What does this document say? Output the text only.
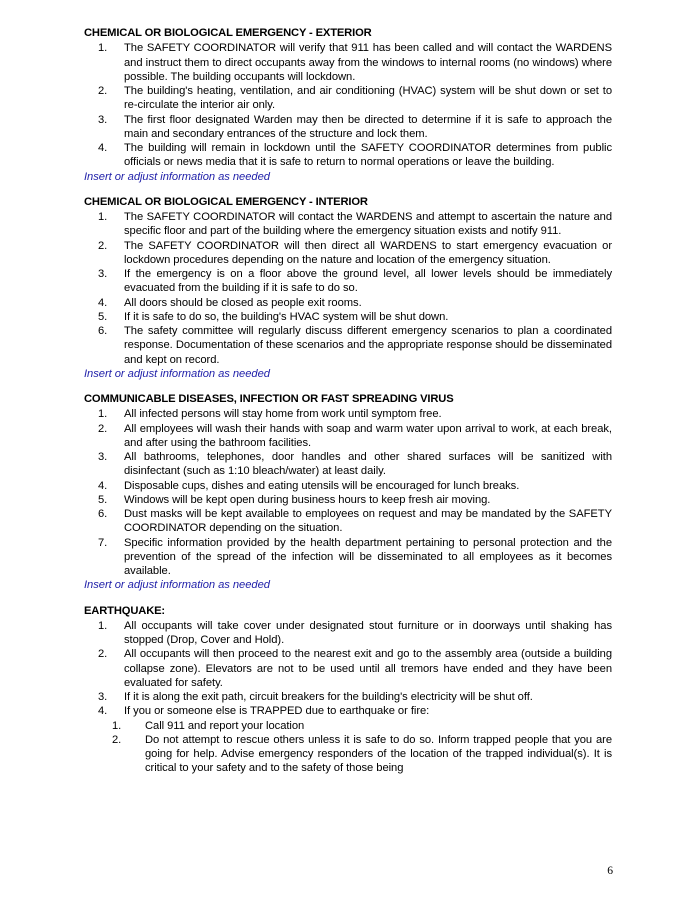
CHEMICAL OR BIOLOGICAL EMERGENCY - EXTERIOR
1.	The SAFETY COORDINATOR will verify that 911 has been called and will contact the WARDENS and instruct them to direct occupants away from the windows to internal rooms (no windows) where possible. The building occupants will lockdown.
2.	The building's heating, ventilation, and air conditioning (HVAC) system will be shut down or set to re-circulate the interior air only.
3.	The first floor designated Warden may then be directed to determine if it is safe to approach the main and secondary entrances of the structure and lock them.
4.	The building will remain in lockdown until the SAFETY COORDINATOR determines from public officials or news media that it is safe to return to normal operations or leave the building.

Insert or adjust information as needed

CHEMICAL OR BIOLOGICAL EMERGENCY - INTERIOR
1.	The SAFETY COORDINATOR will contact the WARDENS and attempt to ascertain the nature and specific floor and part of the building where the emergency situation exists and notify 911.
2.	The SAFETY COORDINATOR will then direct all WARDENS to start emergency evacuation or lockdown procedures depending on the nature and location of the emergency situation.
3.	If the emergency is on a floor above the ground level, all lower levels should be immediately evacuated from the building if it is safe to do so.
4.	All doors should be closed as people exit rooms.
5.	If it is safe to do so, the building's HVAC system will be shut down.
6.	The safety committee will regularly discuss different emergency scenarios to plan a coordinated response. Documentation of these scenarios and the appropriate response should be disseminated and kept on record.

Insert or adjust information as needed

COMMUNICABLE DISEASES, INFECTION OR FAST SPREADING VIRUS
1.	All infected persons will stay home from work until symptom free.
2.	All employees will wash their hands with soap and warm water upon arrival to work, at each break, and after using the bathroom facilities.
3.	All bathrooms, telephones, door handles and other shared surfaces will be sanitized with disinfectant (such as 1:10 bleach/water) at least daily.
4.	Disposable cups, dishes and eating utensils will be encouraged for lunch breaks.
5.	Windows will be kept open during business hours to keep fresh air moving.
6.	Dust masks will be kept available to employees on request and may be mandated by the SAFETY COORDINATOR depending on the situation.
7.	Specific information provided by the health department pertaining to personal protection and the prevention of the spread of the infection will be disseminated to all employees as it becomes available.

Insert or adjust information as needed

EARTHQUAKE:
1.	All occupants will take cover under designated stout furniture or in doorways until shaking has stopped (Drop, Cover and Hold).
2.	All occupants will then proceed to the nearest exit and go to the assembly area (outside a building collapse zone). Elevators are not to be used until all tremors have ended and they have been evaluated for safety.
3.	If it is along the exit path, circuit breakers for the building's electricity will be shut off.
4.	If you or someone else is TRAPPED due to earthquake or fire:
1. Call 911 and report your location
2. Do not attempt to rescue others unless it is safe to do so. Inform trapped people that you are going for help. Advise emergency responders of the location of the trapped individual(s). It is critical to your safety and to the safety of those being
6
